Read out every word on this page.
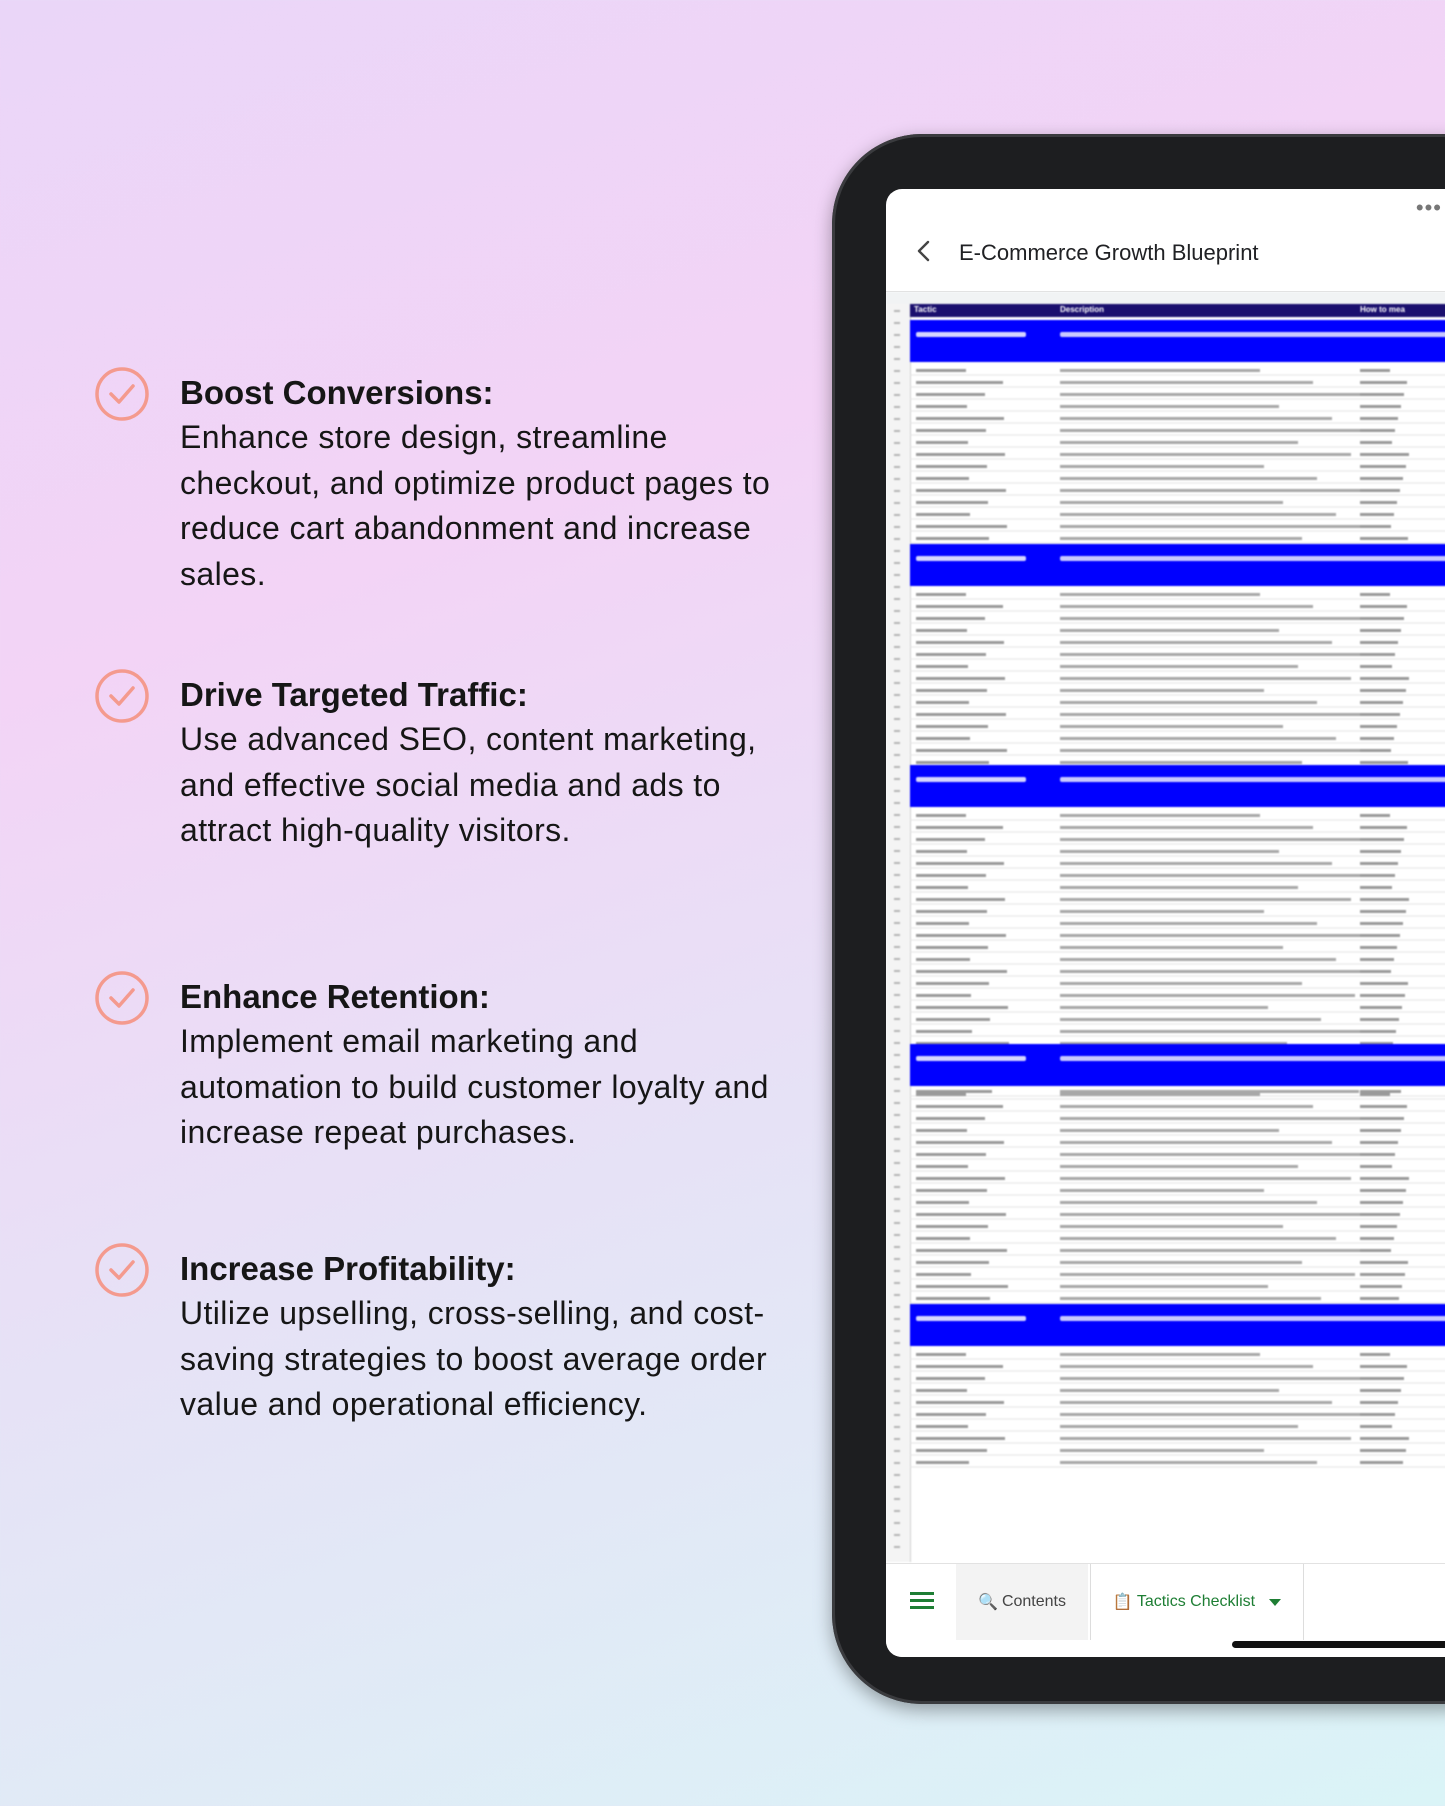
Boost Conversions:
Enhance store design, streamline checkout, and optimize product pages to reduce cart abandonment and increase sales.
Drive Targeted Traffic:
Use advanced SEO, content marketing, and effective social media and ads to attract high-quality visitors.
Enhance Retention:
Implement email marketing and automation to build customer loyalty and increase repeat purchases.
Increase Profitability:
Utilize upselling, cross-selling, and cost-saving strategies to boost average order value and operational efficiency.
•••
E-Commerce Growth Blueprint
Tactic	Description	How to mea
🔍 Contents	📋 Tactics Checklist
